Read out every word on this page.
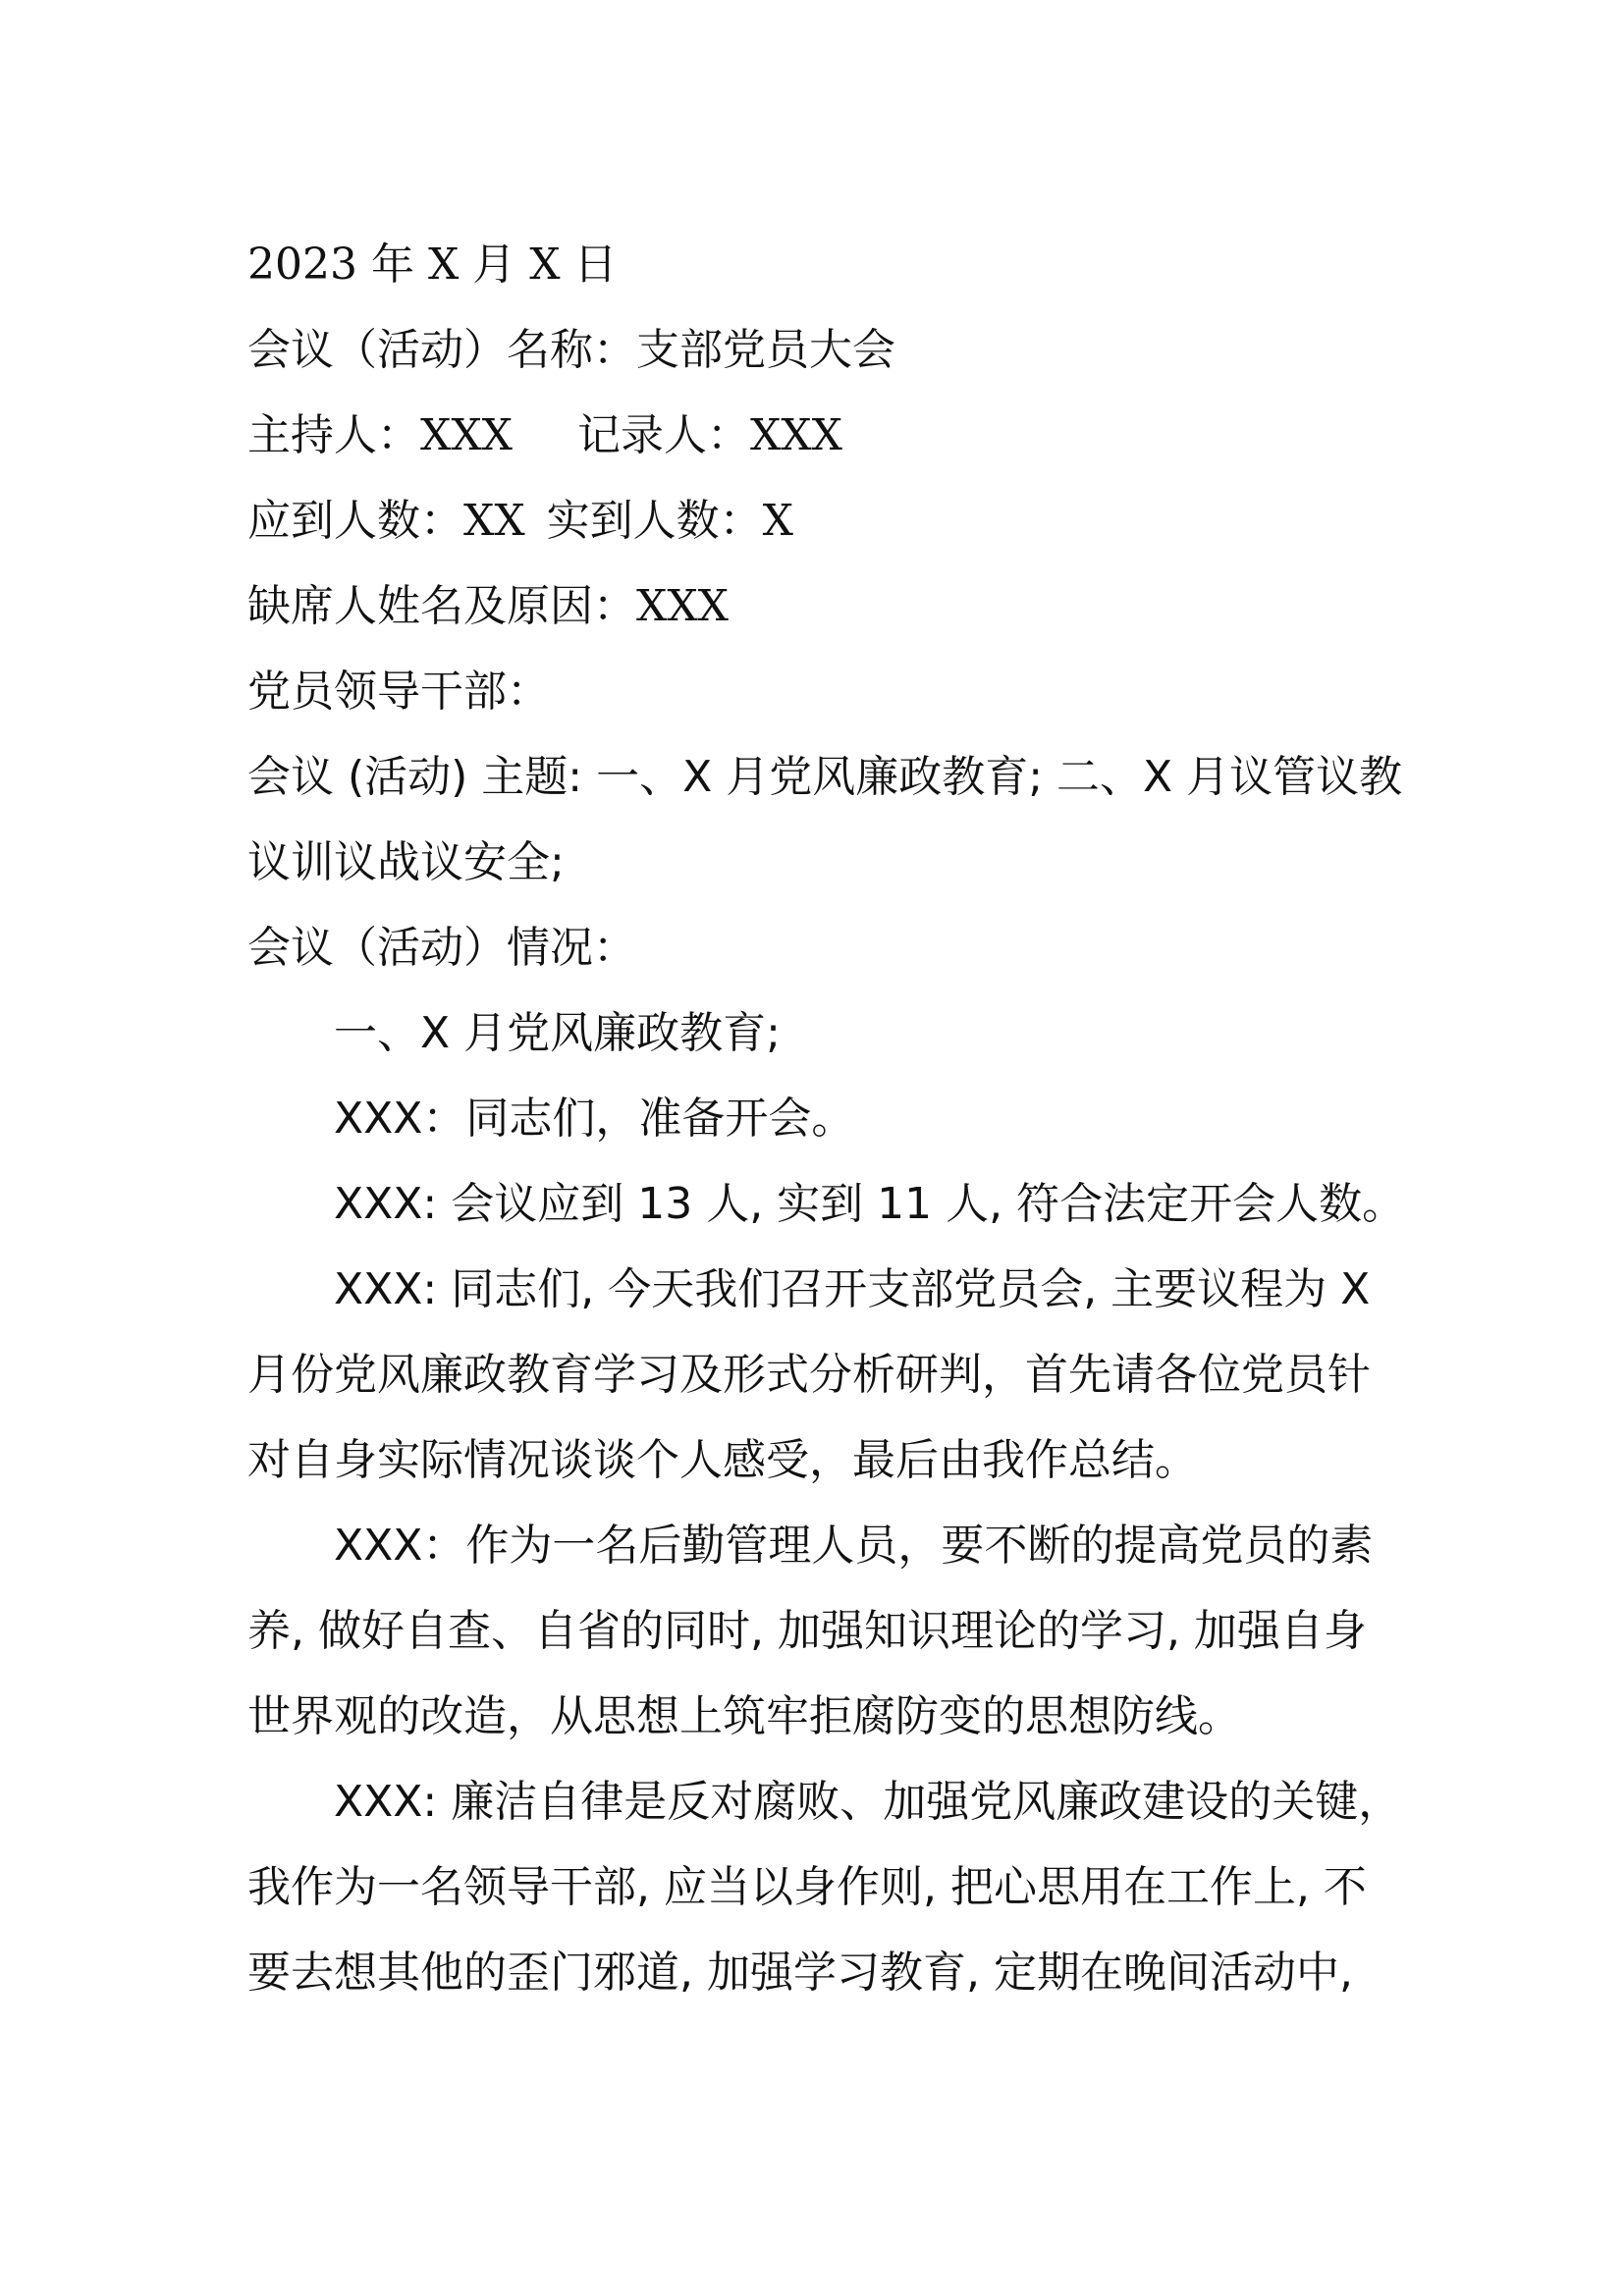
2023 年 X 月 X 日
会议（活动）名称：支部党员大会
主持人：XXX 记录人：XXX
应到人数：XX 实到人数：X
缺席人姓名及原因：XXX
党员领导干部：
会议 (活动) 主题: 一、X 月党风廉政教育; 二、X 月议管议教
议训议战议安全;
会议（活动）情况：
一、X 月党风廉政教育;
XXX：同志们，准备开会。
XXX: 会议应到 13 人, 实到 11 人, 符合法定开会人数。
XXX: 同志们, 今天我们召开支部党员会, 主要议程为 X
月份党风廉政教育学习及形式分析研判，首先请各位党员针
对自身实际情况谈谈个人感受，最后由我作总结。
XXX：作为一名后勤管理人员，要不断的提高党员的素
养, 做好自查、自省的同时, 加强知识理论的学习, 加强自身
世界观的改造，从思想上筑牢拒腐防变的思想防线。
XXX: 廉洁自律是反对腐败、加强党风廉政建设的关键，
我作为一名领导干部, 应当以身作则, 把心思用在工作上, 不
要去想其他的歪门邪道, 加强学习教育, 定期在晚间活动中,
